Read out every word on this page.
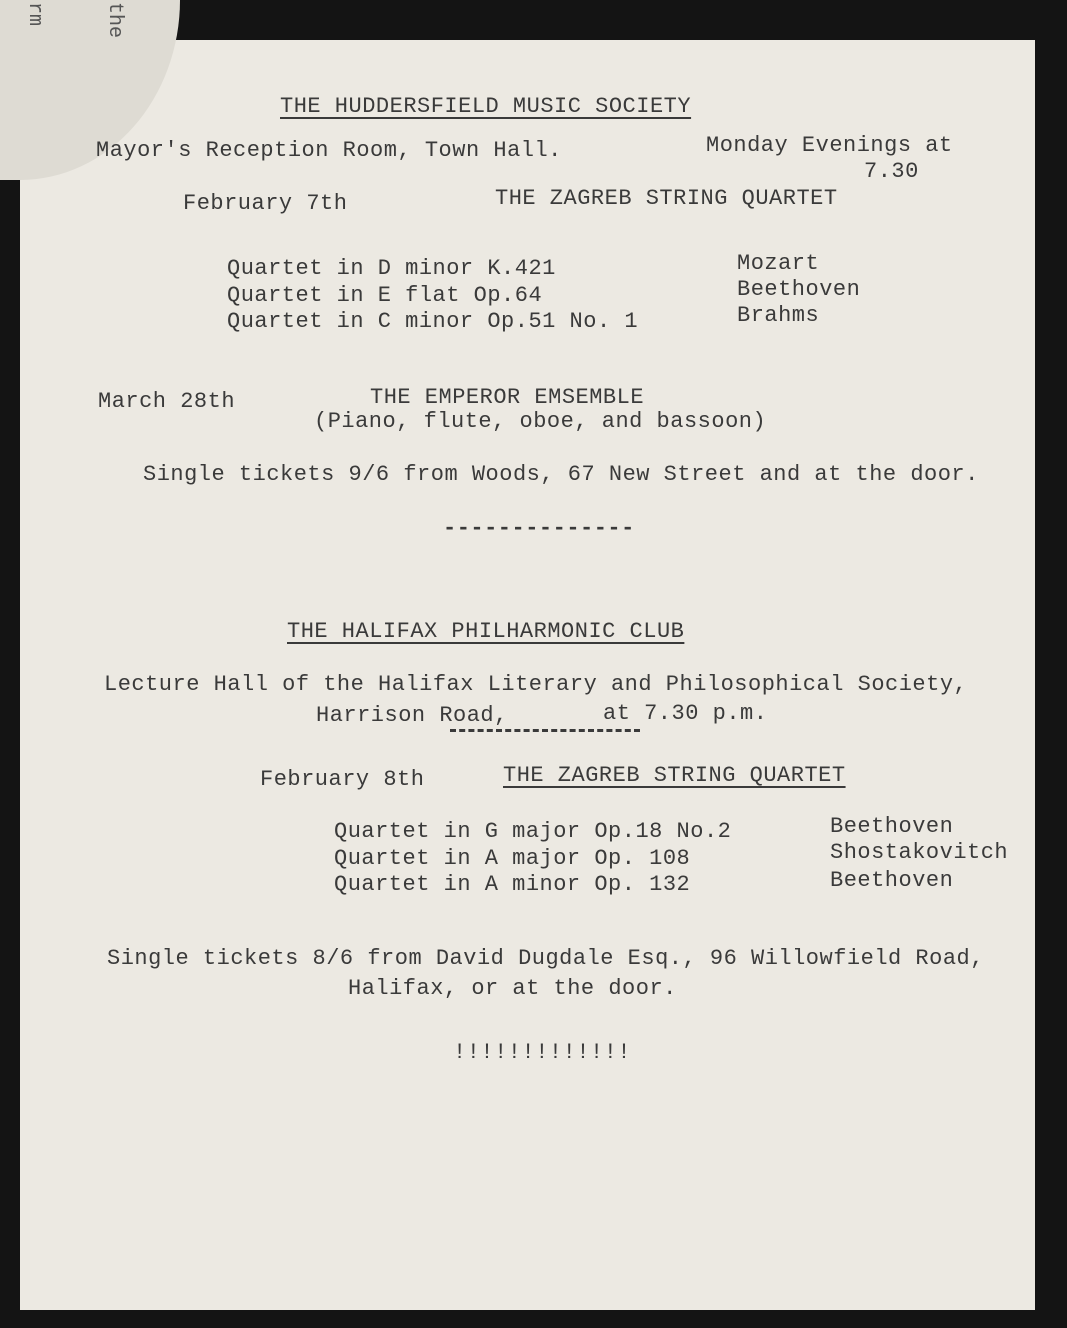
rm	the
THE HUDDERSFIELD MUSIC SOCIETY
Mayor's Reception Room, Town Hall.	Monday Evenings at
7.30
February 7th	THE ZAGREB STRING QUARTET
Quartet in D minor K.421	Mozart
Quartet in E flat Op.64	Beethoven
Quartet in C minor Op.51 No. 1	Brahms
March 28th	THE EMPEROR EMSEMBLE
(Piano, flute, oboe, and bassoon)
Single tickets 9/6 from Woods, 67 New Street and at the door.
--------------
THE HALIFAX PHILHARMONIC CLUB
Lecture Hall of the Halifax Literary and Philosophical Society,
Harrison Road,	at 7.30 p.m.
February 8th	THE ZAGREB STRING QUARTET
Quartet in G major Op.18 No.2	Beethoven
Quartet in A major Op. 108	Shostakovitch
Quartet in A minor Op. 132	Beethoven
Single tickets 8/6 from David Dugdale Esq., 96 Willowfield Road,
Halifax, or at the door.
!!!!!!!!!!!!!
